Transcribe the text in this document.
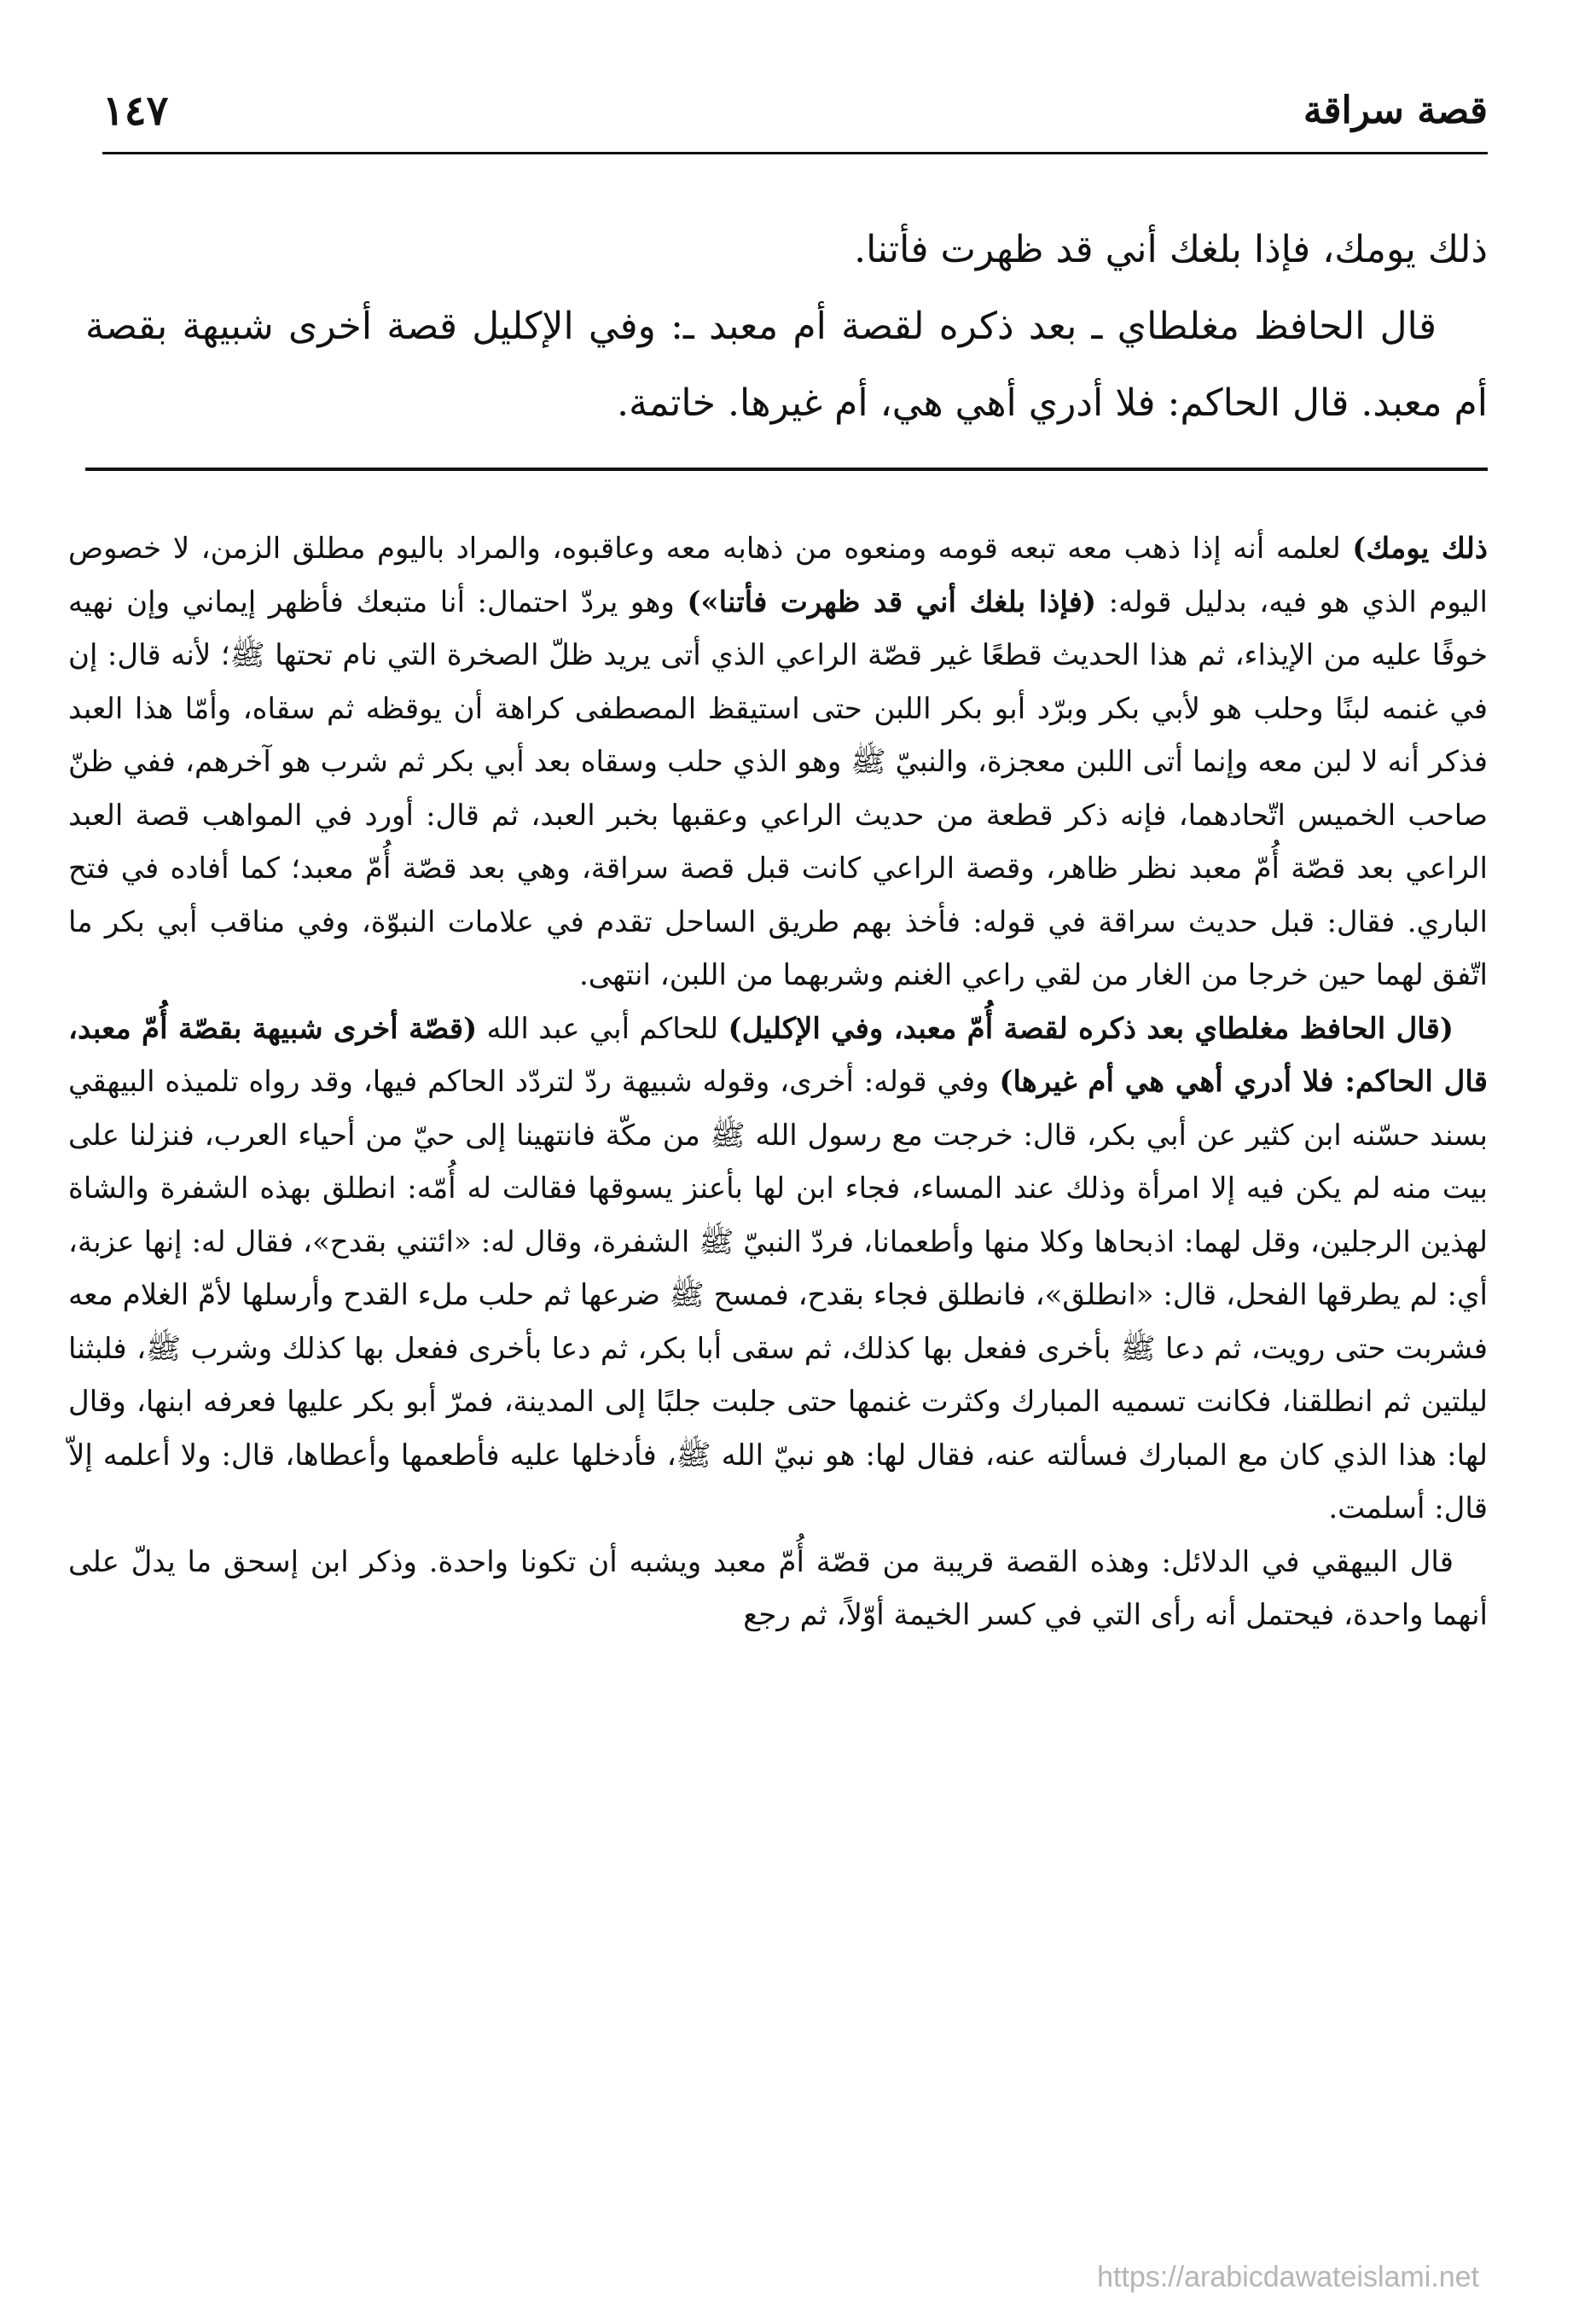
قصة سراقة
١٤٧

ذلك يومك، فإذا بلغك أني قد ظهرت فأتنا.

قال الحافظ مغلطاي ـ بعد ذكره لقصة أم معبد ـ: وفي الإكليل قصة أخرى شبيهة بقصة أم معبد. قال الحاكم: فلا أدري أهي هي، أم غيرها. خاتمة.

ذلك يومك) لعلمه أنه إذا ذهب معه تبعه قومه ومنعوه من ذهابه معه وعاقبوه، والمراد باليوم مطلق الزمن، لا خصوص اليوم الذي هو فيه، بدليل قوله: (فإذا بلغك أني قد ظهرت فأتنا») وهو يردّ احتمال: أنا متبعك فأظهر إيماني وإن نهيه خوفًا عليه من الإيذاء، ثم هذا الحديث قطعًا غير قصّة الراعي الذي أتى يريد ظلّ الصخرة التي نام تحتها ﷺ؛ لأنه قال: إن في غنمه لبنًا وحلب هو لأبي بكر وبرّد أبو بكر اللبن حتى استيقظ المصطفى كراهة أن يوقظه ثم سقاه، وأمّا هذا العبد فذكر أنه لا لبن معه وإنما أتى اللبن معجزة، والنبيّ ﷺ وهو الذي حلب وسقاه بعد أبي بكر ثم شرب هو آخرهم، ففي ظنّ صاحب الخميس اتّحادهما، فإنه ذكر قطعة من حديث الراعي وعقبها بخبر العبد، ثم قال: أورد في المواهب قصة العبد الراعي بعد قصّة أُمّ معبد نظر ظاهر، وقصة الراعي كانت قبل قصة سراقة، وهي بعد قصّة أُمّ معبد؛ كما أفاده في فتح الباري. فقال: قبل حديث سراقة في قوله: فأخذ بهم طريق الساحل تقدم في علامات النبوّة، وفي مناقب أبي بكر ما اتّفق لهما حين خرجا من الغار من لقي راعي الغنم وشربهما من اللبن، انتهى.

(قال الحافظ مغلطاي بعد ذكره لقصة أُمّ معبد، وفي الإكليل) للحاكم أبي عبد الله (قصّة أخرى شبيهة بقصّة أُمّ معبد، قال الحاكم: فلا أدري أهي هي أم غيرها) وفي قوله: أخرى، وقوله شبيهة ردّ لتردّد الحاكم فيها، وقد رواه تلميذه البيهقي بسند حسّنه ابن كثير عن أبي بكر، قال: خرجت مع رسول الله ﷺ من مكّة فانتهينا إلى حيّ من أحياء العرب، فنزلنا على بيت منه لم يكن فيه إلا امرأة وذلك عند المساء، فجاء ابن لها بأعنز يسوقها فقالت له أُمّه: انطلق بهذه الشفرة والشاة لهذين الرجلين، وقل لهما: اذبحاها وكلا منها وأطعمانا، فردّ النبيّ ﷺ الشفرة، وقال له: «ائتني بقدح»، فقال له: إنها عزبة، أي: لم يطرقها الفحل، قال: «انطلق»، فانطلق فجاء بقدح، فمسح ﷺ ضرعها ثم حلب ملء القدح وأرسلها لأمّ الغلام معه فشربت حتى رويت، ثم دعا ﷺ بأخرى ففعل بها كذلك، ثم سقى أبا بكر، ثم دعا بأخرى ففعل بها كذلك وشرب ﷺ، فلبثنا ليلتين ثم انطلقنا، فكانت تسميه المبارك وكثرت غنمها حتى جلبت جلبًا إلى المدينة، فمرّ أبو بكر عليها فعرفه ابنها، وقال لها: هذا الذي كان مع المبارك فسألته عنه، فقال لها: هو نبيّ الله ﷺ، فأدخلها عليه فأطعمها وأعطاها، قال: ولا أعلمه إلاّ قال: أسلمت.

قال البيهقي في الدلائل: وهذه القصة قريبة من قصّة أُمّ معبد ويشبه أن تكونا واحدة. وذكر ابن إسحق ما يدلّ على أنهما واحدة، فيحتمل أنه رأى التي في كسر الخيمة أوّلاً، ثم رجع

https://arabicdawateislami.net
